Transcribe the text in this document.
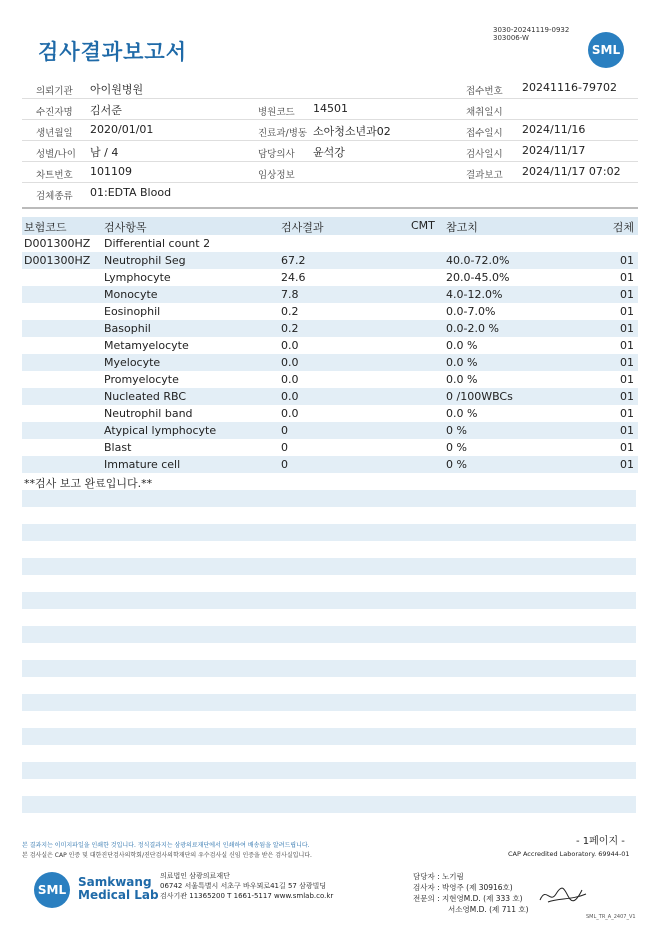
검사결과보고서
3030-20241119-0932
303006-W
SML
의뢰기관 아이원병원	접수번호 20241116-79702
수진자명 김서준	병원코드 14501	채취일시
생년월일 2020/01/01	진료과/병동 소아청소년과02	접수일시 2024/11/16
성별/나이 남 / 4	담당의사 윤석강	검사일시 2024/11/17
차트번호 101109	임상정보	결과보고 2024/11/17 07:02
검체종류 01:EDTA Blood
보험코드	검사항목	검사결과	CMT 참고치	검체
D001300HZ Differential count 2
D001300HZ Neutrophil Seg	67.2	40.0-72.0%	01
Lymphocyte	24.6	20.0-45.0%	01
Monocyte	7.8	4.0-12.0%	01
Eosinophil	0.2	0.0-7.0%	01
Basophil	0.2	0.0-2.0 %	01
Metamyelocyte	0.0	0.0 %	01
Myelocyte	0.0	0.0 %	01
Promyelocyte	0.0	0.0 %	01
Nucleated RBC	0.0	0 /100WBCs	01
Neutrophil band	0.0	0.0 %	01
Atypical lymphocyte	0	0 %	01
Blast	0	0 %	01
Immature cell	0	0 %	01
**검사 보고 완료입니다.**
- 1페이지 -
본 결과지는 이미지파일을 인쇄한 것입니다. 정식결과지는 삼광의료재단에서 인쇄하여 배송됨을 알려드립니다.
본 검사실은 CAP 인증 및 대한진단검사의학회/진단검사의학재단의 우수검사실 신임 인증을 받은 검사실입니다.	CAP Accredited Laboratory. 69944-01
SML
Samkwang
Medical Lab
의료법인 삼광의료재단
06742 서울특별시 서초구 바우뫼로41길 57 삼광빌딩
검사기관 11365200 T 1661-5117 www.smlab.co.kr
담당자 : 노기림
검사자 : 박영주 (제 30916호)
전문의 : 지현영M.D. (제 333 호)
서소영M.D. (제 711 호)
SML_TR_A_2407_V1
